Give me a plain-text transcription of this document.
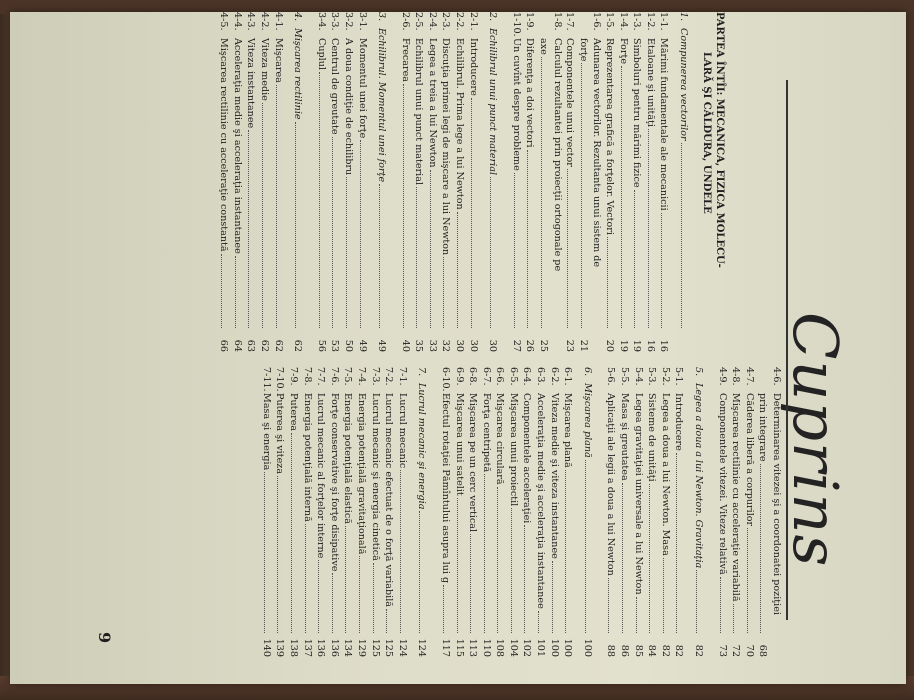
Cuprins
9
PARTEA ÎNTÎI: MECANICA, FIZICA MOLECU-
LARĂ ŞI CĂLDURA, UNDELE
1.
Compunerea vectorilor
1-1.
Mărimi fundamentale ale mecanicii
16
1-2.
Etaloane şi unităţi
16
1-3.
Simboluri pentru mărimi fizice
19
1-4.
Forţe
19
1-5.
Reprezentarea grafică a forţelor. Vectori
20
1-6.
Adunarea vectorilor. Rezultanta unui sistem de
forţe
21
1-7.
Componentele unui vector
23
1-8.
Calculul rezultantei prin proiecţii ortogonale pe
axe
25
1-9.
Diferenţa a doi vectori
26
1-10.
Un cuvînt despre probleme
27
2.
Echilibrul unui punct material
30
2-1.
Introducere
30
2-2.
Echilibrul. Prima lege a lui Newton
30
2-3.
Discuţia primei legi de mişcare a lui Newton
32
2-4.
Legea a treia a lui Newton
33
2-5.
Echilibrul unui punct material
35
2-6.
Frecarea
40
3.
Echilibrul. Momentul unei forţe
49
3-1.
Momentul unei forţe
49
3-2.
A doua condiţie de echilibru
50
3-3.
Centrul de greutate
53
3-4.
Cuplul
56
4.
Mişcarea rectilinie
62
4-1.
Mişcarea
62
4-2.
Viteza medie
62
4-3.
Viteza instantanee
63
4-4.
Acceleraţia medie şi acceleraţia instantanee
64
4-5.
Mişcarea rectilinie cu acceleraţie constantă
66
4-6.
Determinarea vitezei şi a coordonatei poziţiei
prin integrare
68
4-7.
Căderea liberă a corpurilor
70
4-8.
Mişcarea rectilinie cu acceleraţie variabilă
72
4-9.
Componentele vitezei. Viteze relativă
73
5.
Legea a doua a lui Newton. Gravitaţia
82
5-1.
Introducere
82
5-2.
Legea a doua a lui Newton. Masa
82
5-3.
Sisteme de unităţi
84
5-4.
Legea gravitaţiei universale a lui Newton
85
5-5.
Masa şi greutatea
86
5-6.
Aplicaţii ale legii a doua a lui Newton
88
6.
Mişcarea plană
100
6-1.
Mişcarea plană
100
6-2.
Viteza medie şi viteza instantanee
100
6-3.
Acceleraţia medie şi acceleraţia instantanee
101
6-4.
Componentele acceleraţiei
102
6-5.
Mişcarea unui proiectil
104
6-6.
Mişcarea circulară
108
6-7.
Forţa centripetă
110
6-8.
Mişcarea pe un cerc vertical
113
6-9.
Mişcarea unui satelit
115
6-10.
Efectul rotaţiei Pămîntului asupra lui g
117
7.
Lucrul mecanic şi energia
124
7-1.
Lucrul mecanic
124
7-2.
Lucrul mecanic efectuat de o forţă variabilă
125
7-3.
Lucrul mecanic şi energia cinetică
125
7-4.
Energia potenţială gravitaţională
129
7-5.
Energia potenţială elastică
134
7-6.
Forţe conservative şi forţe disipative
136
7-7.
Lucrul mecanic al forţelor interne
136
7-8.
Energia potenţială internă
137
7-9.
Puterea
138
7-10.
Puterea şi viteza
139
7-11.
Masa şi energia
140
